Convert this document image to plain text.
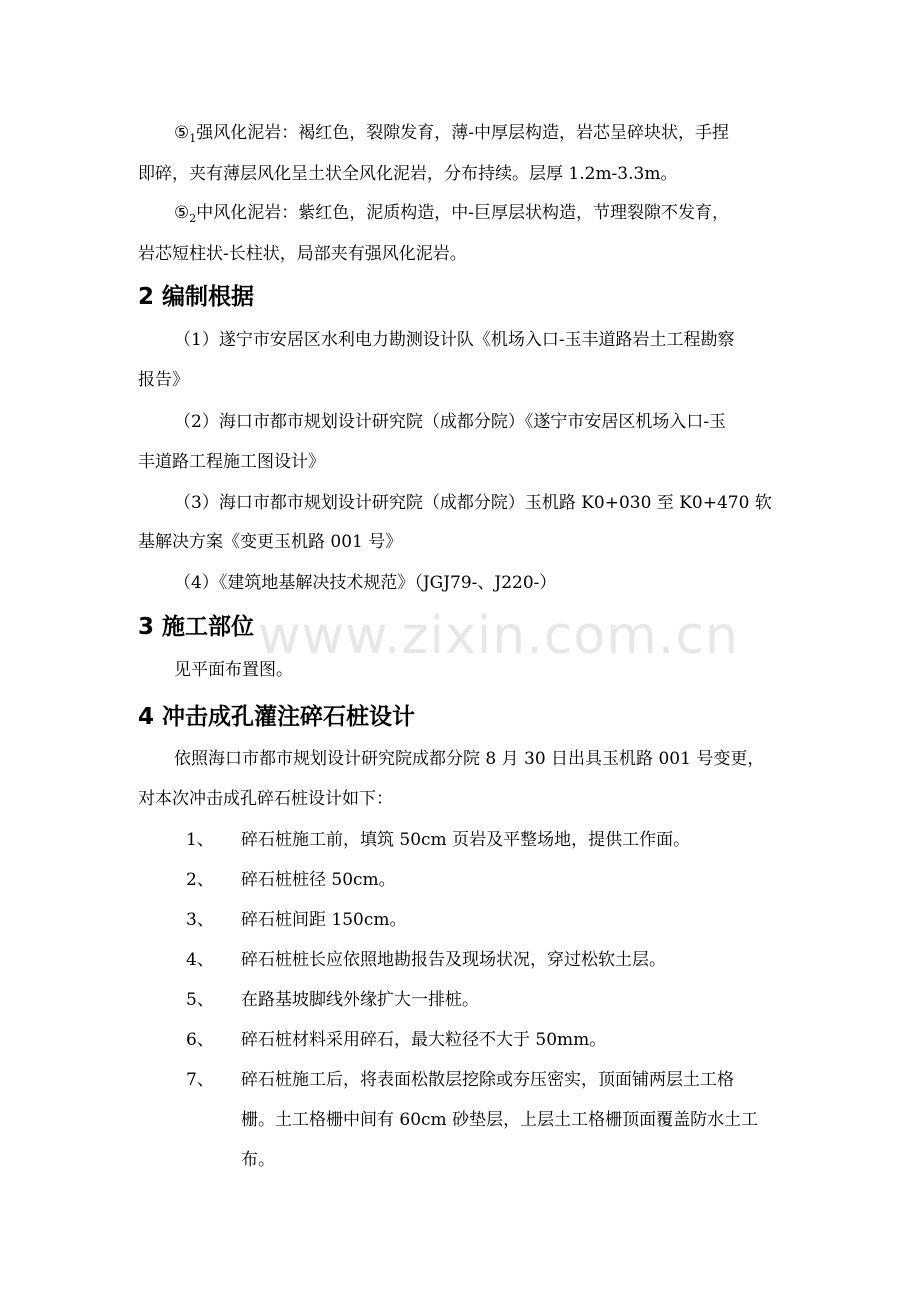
www.zixin.com.cn
$⑤_1$强风化泥岩：褐红色，裂隙发育，薄-中厚层构造，岩芯呈碎块状，手捏
即碎，夹有薄层风化呈土状全风化泥岩，分布持续。层厚 1.2m-3.3m。
$⑤_2$中风化泥岩：紫红色，泥质构造，中-巨厚层状构造，节理裂隙不发育，
岩芯短柱状-长柱状，局部夹有强风化泥岩。
2 编制根据
（1）遂宁市安居区水利电力勘测设计队《机场入口-玉丰道路岩土工程勘察
报告》
（2）海口市都市规划设计研究院（成都分院）《遂宁市安居区机场入口-玉
丰道路工程施工图设计》
（3）海口市都市规划设计研究院（成都分院）玉机路 K0+030 至 K0+470 软
基解决方案《变更玉机路 001 号》
（4）《建筑地基解决技术规范》（JGJ79-、J220-）
3 施工部位
见平面布置图。
4 冲击成孔灌注碎石桩设计
依照海口市都市规划设计研究院成都分院 8 月 30 日出具玉机路 001 号变更，
对本次冲击成孔碎石桩设计如下：
1、 碎石桩施工前，填筑 50cm 页岩及平整场地，提供工作面。
2、 碎石桩桩径 50cm。
3、 碎石桩间距 150cm。
4、 碎石桩桩长应依照地勘报告及现场状况，穿过松软土层。
5、 在路基坡脚线外缘扩大一排桩。
6、 碎石桩材料采用碎石，最大粒径不大于 50mm。
7、 碎石桩施工后，将表面松散层挖除或夯压密实，顶面铺两层土工格
栅。土工格栅中间有 60cm 砂垫层，上层土工格栅顶面覆盖防水土工
布。
